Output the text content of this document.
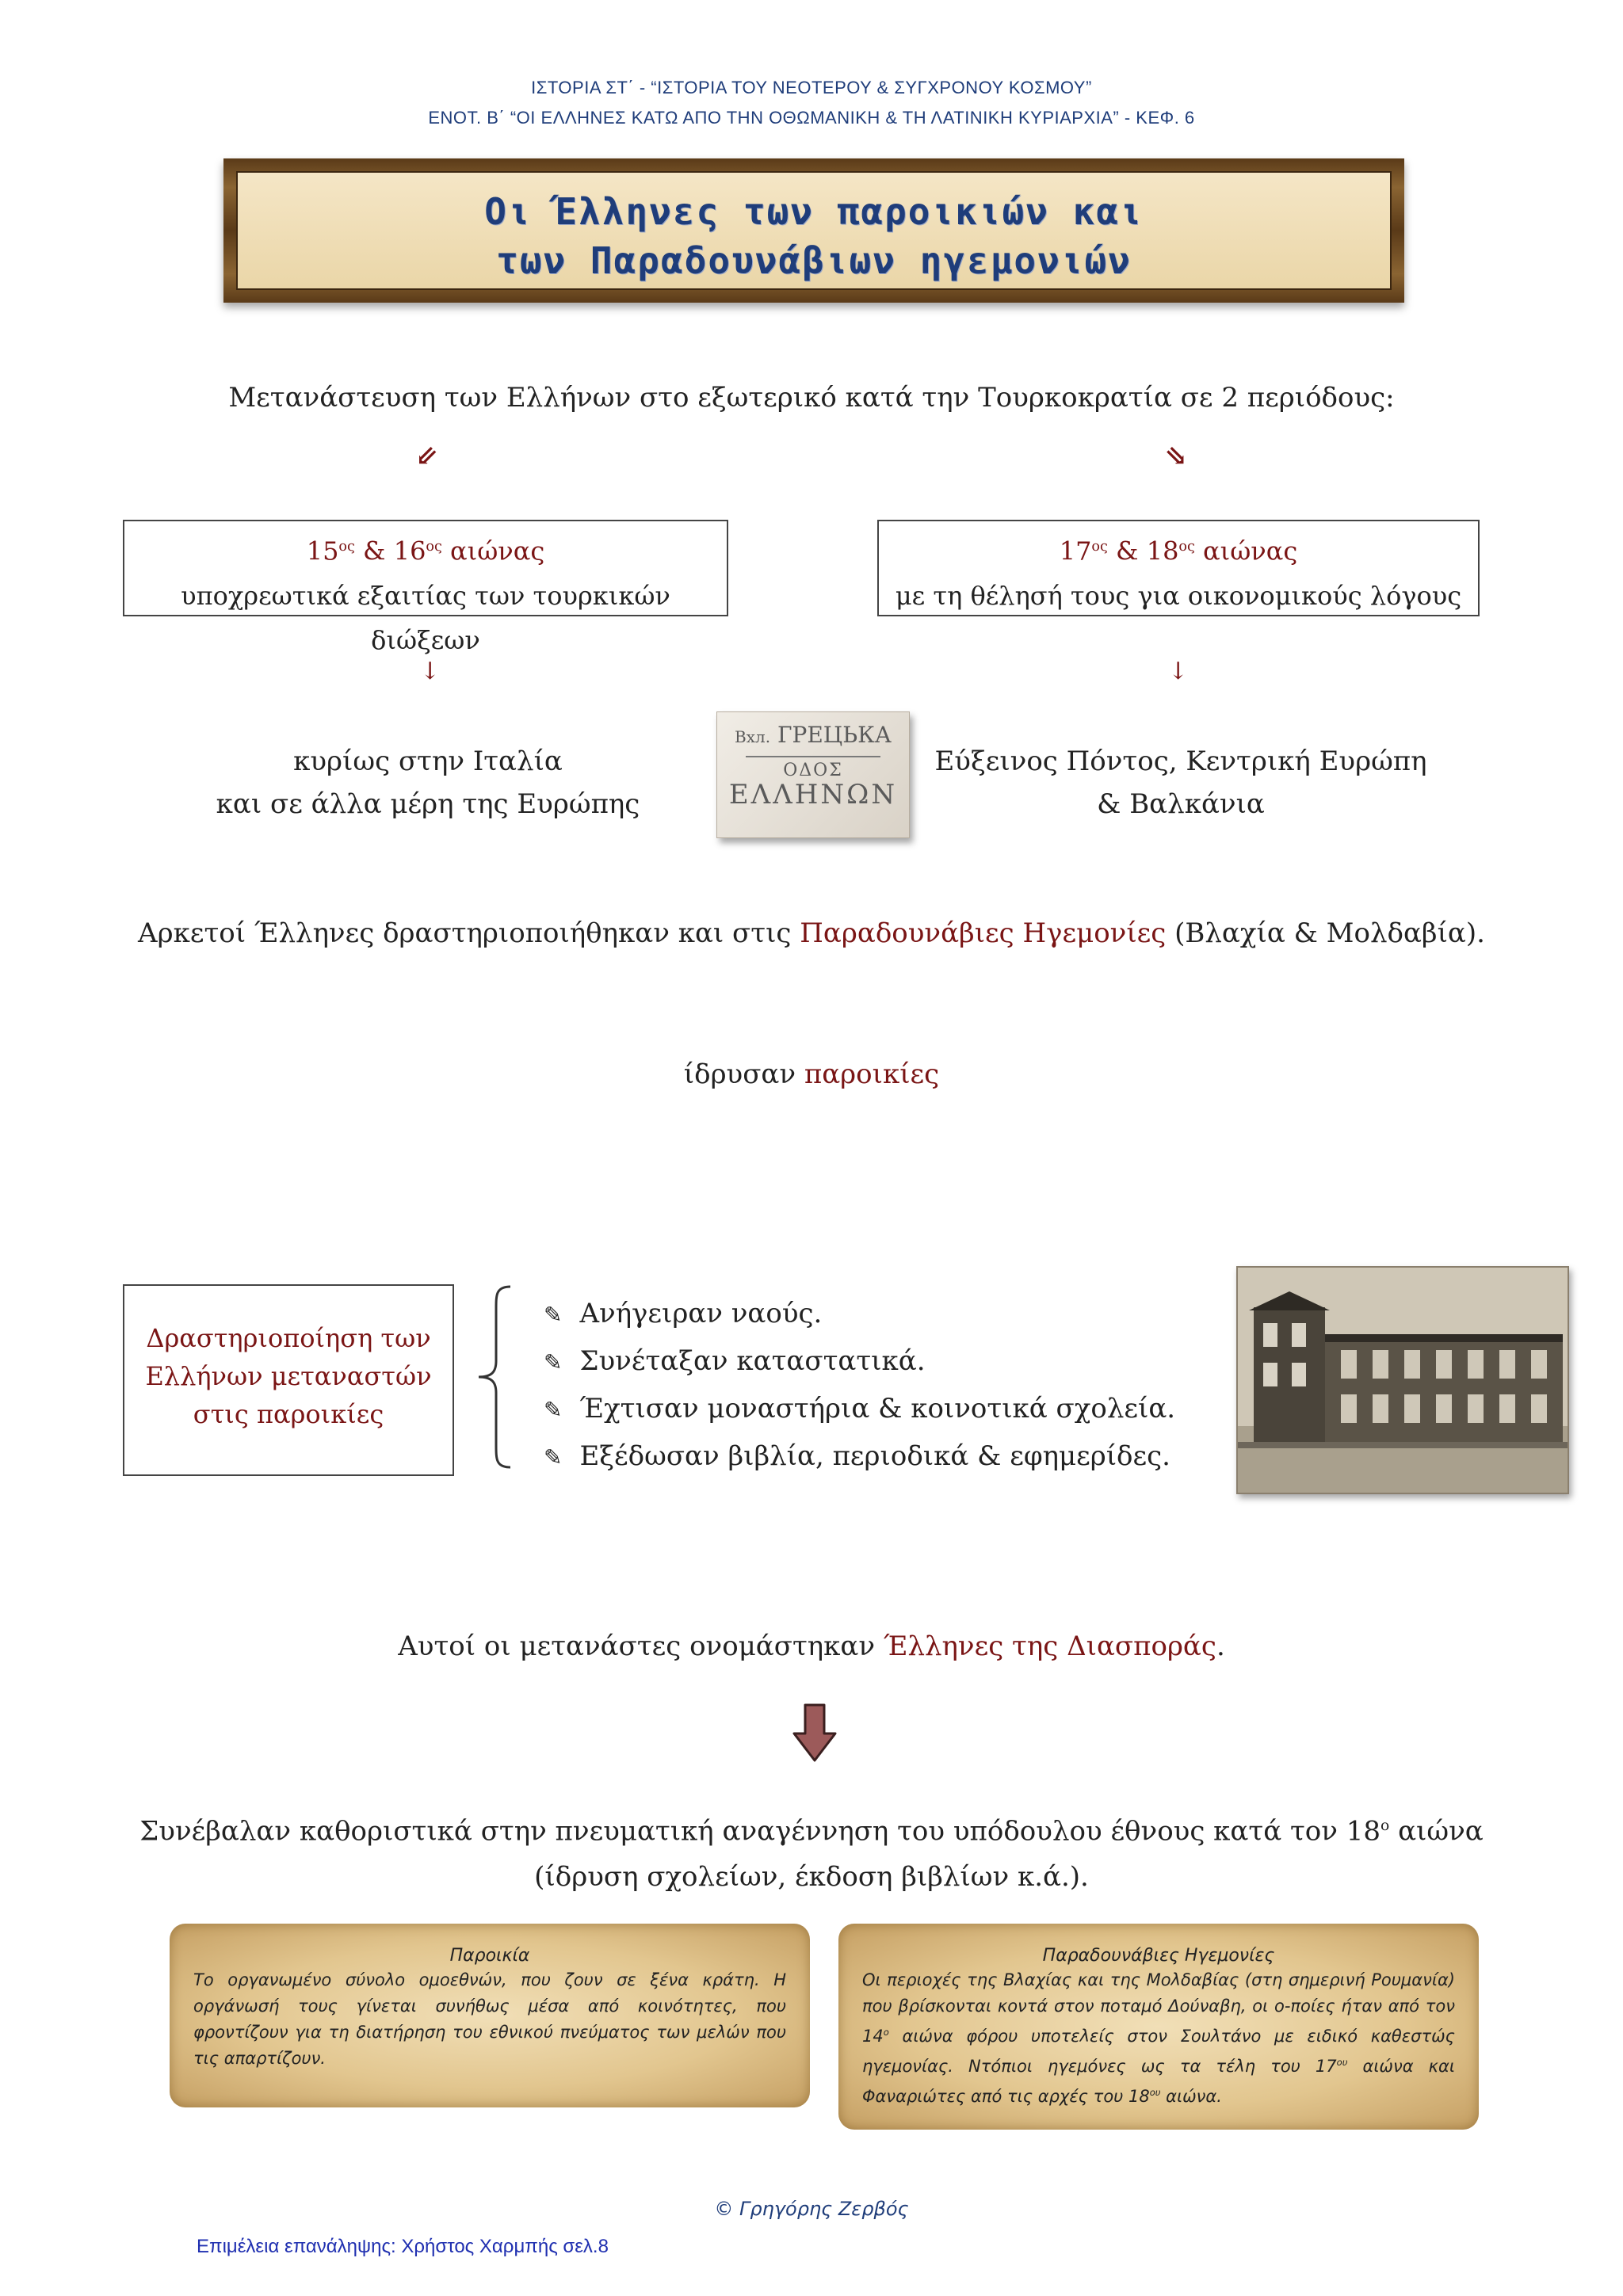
ΙΣΤΟΡΙΑ ΣΤ΄ - “ΙΣΤΟΡΙΑ ΤΟΥ ΝΕΟΤΕΡΟΥ & ΣΥΓΧΡΟΝΟΥ ΚΟΣΜΟΥ”
ΕΝΟΤ. Β΄ “ΟΙ ΕΛΛΗΝΕΣ ΚΑΤΩ ΑΠΟ ΤΗΝ ΟΘΩΜΑΝΙΚΗ & ΤΗ ΛΑΤΙΝΙΚΗ ΚΥΡΙΑΡΧΙΑ” - ΚΕΦ. 6
Οι Έλληνες των παροικιών και
των Παραδουνάβιων ηγεμονιών
Μετανάστευση των Ελλήνων στο εξωτερικό κατά την Τουρκοκρατία σε 2 περιόδους:
⇙	⇘
$15^{o\varsigma}$ & $16^{o\varsigma}$ αιώνας
υποχρεωτικά εξαιτίας των τουρκικών διώξεων
$17^{o\varsigma}$ & $18^{o\varsigma}$ αιώνας
με τη θέλησή τους για οικονομικούς λόγους
↓	↓
κυρίως στην Ιταλία
και σε άλλα μέρη της Ευρώπης
Εύξεινος Πόντος, Κεντρική Ευρώπη
& Βαλκάνια
Вхл. ГРЕЦЬКА
ΟΔΟΣ
ΕΛΛΗΝΩΝ
Αρκετοί Έλληνες δραστηριοποιήθηκαν και στις Παραδουνάβιες Ηγεμονίες (Βλαχία & Μολδαβία).
ίδρυσαν παροικίες
Δραστηριοποίηση των
Ελλήνων μεταναστών
στις παροικίες
✎ Ανήγειραν ναούς.
✎ Συνέταξαν καταστατικά.
✎ Έχτισαν μοναστήρια & κοινοτικά σχολεία.
✎ Εξέδωσαν βιβλία, περιοδικά & εφημερίδες.
Αυτοί οι μετανάστες ονομάστηκαν Έλληνες της Διασποράς.
Συνέβαλαν καθοριστικά στην πνευματική αναγέννηση του υπόδουλου έθνους κατά τον $18^o$ αιώνα
(ίδρυση σχολείων, έκδοση βιβλίων κ.ά.).
Παροικία
Το οργανωμένο σύνολο ομοεθνών, που ζουν σε ξένα κράτη. Η οργάνωσή τους γίνεται συνήθως μέσα από κοινότητες, που φροντίζουν για τη διατήρηση του εθνικού πνεύματος των μελών που τις απαρτίζουν.
Παραδουνάβιες Ηγεμονίες
Οι περιοχές της Βλαχίας και της Μολδαβίας (στη σημερινή Ρουμανία) που βρίσκονται κοντά στον ποταμό Δούναβη, οι ο-ποίες ήταν από τον $14^o$ αιώνα φόρου υποτελείς στον Σουλτάνο με ειδικό καθεστώς ηγεμονίας. Ντόπιοι ηγεμόνες ως τα τέλη του $17^{o\upsilon}$ αιώνα και Φαναριώτες από τις αρχές του $18^{o\upsilon}$ αιώνα.
© Γρηγόρης Ζερβός
Επιμέλεια επανάληψης: Χρήστος Χαρμπής σελ.8
